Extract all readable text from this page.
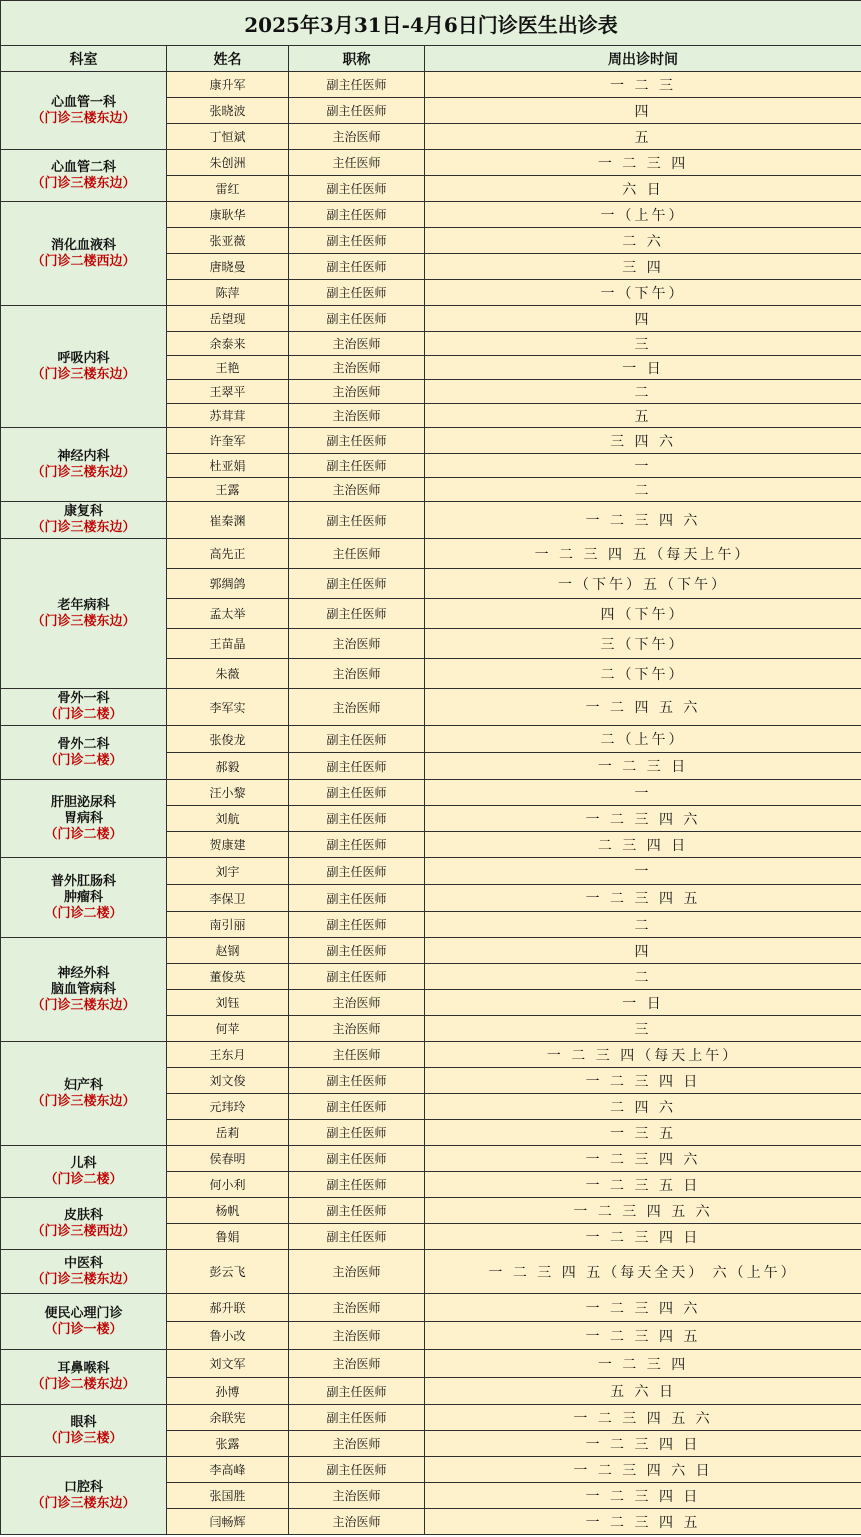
2025年3月31日-4月6日门诊医生出诊表			
科室	姓名	职称	周出诊时间

心血管一科
（门诊三楼东边）	康升军	副主任医师	一 二 三
	张晓波	副主任医师	四
	丁恒斌	主治医师	五

心血管二科
（门诊三楼东边）	朱创洲	主任医师	一 二 三 四
	雷红	副主任医师	六 日

消化血液科
（门诊二楼西边）	康耿华	副主任医师	一（上午）
	张亚薇	副主任医师	二 六
	唐晓曼	副主任医师	三 四
	陈萍	副主任医师	一（下午）

呼吸内科
（门诊三楼东边）	岳望现	副主任医师	四
	余泰来	主治医师	三
	王艳	主治医师	一 日
	王翠平	主治医师	二
	苏茸茸	主治医师	五

神经内科
（门诊三楼东边）	许奎军	副主任医师	三 四 六
	杜亚娟	副主任医师	一
	王露	主治医师	二

康复科
（门诊三楼东边）	崔秦渊	副主任医师	一 二 三 四 六

老年病科
（门诊三楼东边）	高先正	主任医师	一 二 三 四 五（每天上午）
	郭绸鸽	副主任医师	一（下午）五（下午）
	孟太举	副主任医师	四（下午）
	王苗晶	主治医师	三（下午）
	朱薇	主治医师	二（下午）

骨外一科
（门诊二楼）	李军实	主治医师	一 二 四 五 六

骨外二科
（门诊二楼）	张俊龙	副主任医师	二（上午）
	郝毅	副主任医师	一 二 三 日

肝胆泌尿科
胃病科
（门诊二楼）	汪小黎	副主任医师	一
	刘航	副主任医师	一 二 三 四 六
	贺康建	副主任医师	二 三 四 日

普外肛肠科
肿瘤科
（门诊二楼）	刘宇	副主任医师	一
	李保卫	副主任医师	一 二 三 四 五
	南引丽	副主任医师	二

神经外科
脑血管病科
（门诊三楼东边）	赵钢	副主任医师	四
	董俊英	副主任医师	二
	刘钰	主治医师	一 日
	何苹	主治医师	三

妇产科
（门诊三楼东边）	王东月	主任医师	一 二 三 四（每天上午）
	刘文俊	副主任医师	一 二 三 四 日
	元玮玲	副主任医师	二 四 六
	岳莉	副主任医师	一 三 五

儿科
（门诊二楼）	侯春明	副主任医师	一 二 三 四 六
	何小利	副主任医师	一 二 三 五 日

皮肤科
（门诊三楼西边）	杨帆	副主任医师	一 二 三 四 五 六
	鲁娟	副主任医师	一 二 三 四 日

中医科
（门诊三楼东边）	彭云飞	主治医师	一 二 三 四 五（每天全天） 六（上午）

便民心理门诊
（门诊一楼）	郝升联	主治医师	一 二 三 四 六
	鲁小改	主治医师	一 二 三 四 五

耳鼻喉科
（门诊二楼东边）	刘文军	主治医师	一 二 三 四
	孙博	副主任医师	五 六 日

眼科
（门诊三楼）	余联宪	副主任医师	一 二 三 四 五 六
	张露	主治医师	一 二 三 四 日

口腔科
（门诊三楼东边）	李高峰	副主任医师	一 二 三 四 六 日
	张国胜	主治医师	一 二 三 四 日
	闫畅辉	主治医师	一 二 三 四 五
